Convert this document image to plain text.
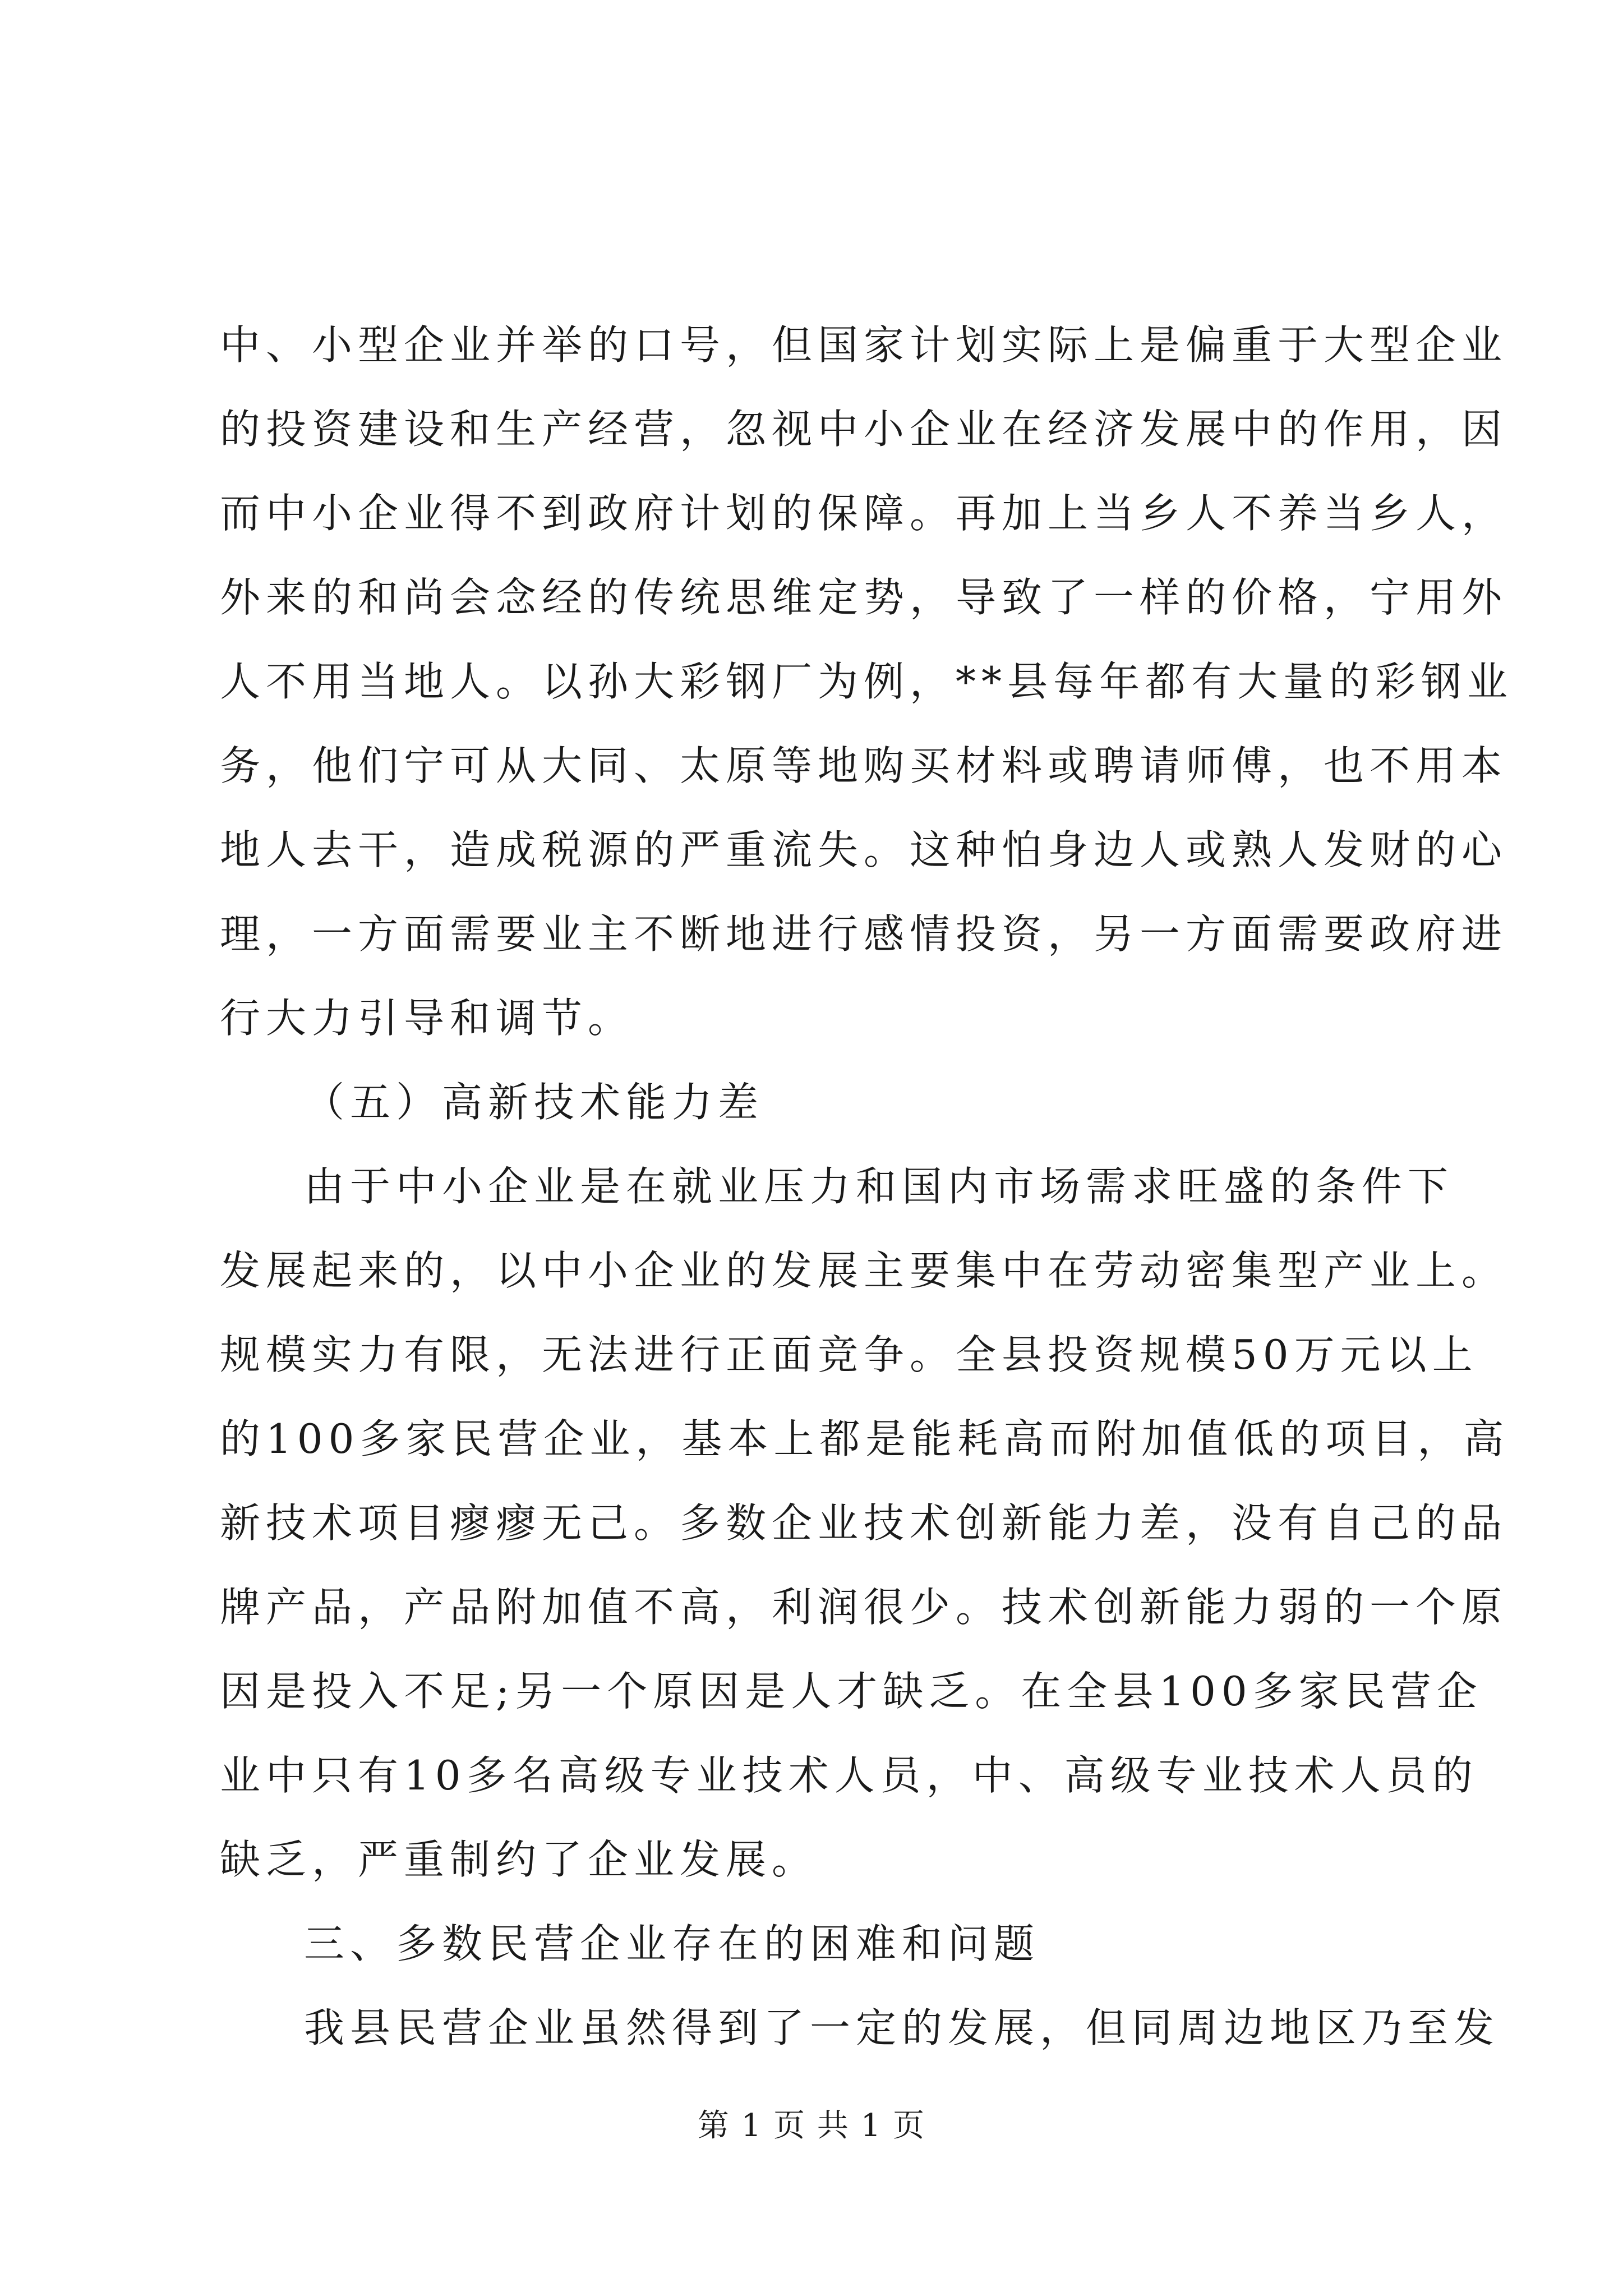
中、小型企业并举的口号，但国家计划实际上是偏重于大型企业
的投资建设和生产经营，忽视中小企业在经济发展中的作用，因
而中小企业得不到政府计划的保障。再加上当乡人不养当乡人，
外来的和尚会念经的传统思维定势，导致了一样的价格，宁用外
人不用当地人。以孙大彩钢厂为例，**县每年都有大量的彩钢业
务，他们宁可从大同、太原等地购买材料或聘请师傅，也不用本
地人去干，造成税源的严重流失。这种怕身边人或熟人发财的心
理，一方面需要业主不断地进行感情投资，另一方面需要政府进
行大力引导和调节。
（五）高新技术能力差
由于中小企业是在就业压力和国内市场需求旺盛的条件下
发展起来的，以中小企业的发展主要集中在劳动密集型产业上。
规模实力有限，无法进行正面竞争。全县投资规模50万元以上
的100多家民营企业，基本上都是能耗高而附加值低的项目，高
新技术项目瘳瘳无己。多数企业技术创新能力差，没有自己的品
牌产品，产品附加值不高，利润很少。技术创新能力弱的一个原
因是投入不足;另一个原因是人才缺乏。在全县100多家民营企
业中只有10多名高级专业技术人员，中、高级专业技术人员的
缺乏，严重制约了企业发展。
三、多数民营企业存在的困难和问题
我县民营企业虽然得到了一定的发展，但同周边地区乃至发
第 1 页 共 1 页
